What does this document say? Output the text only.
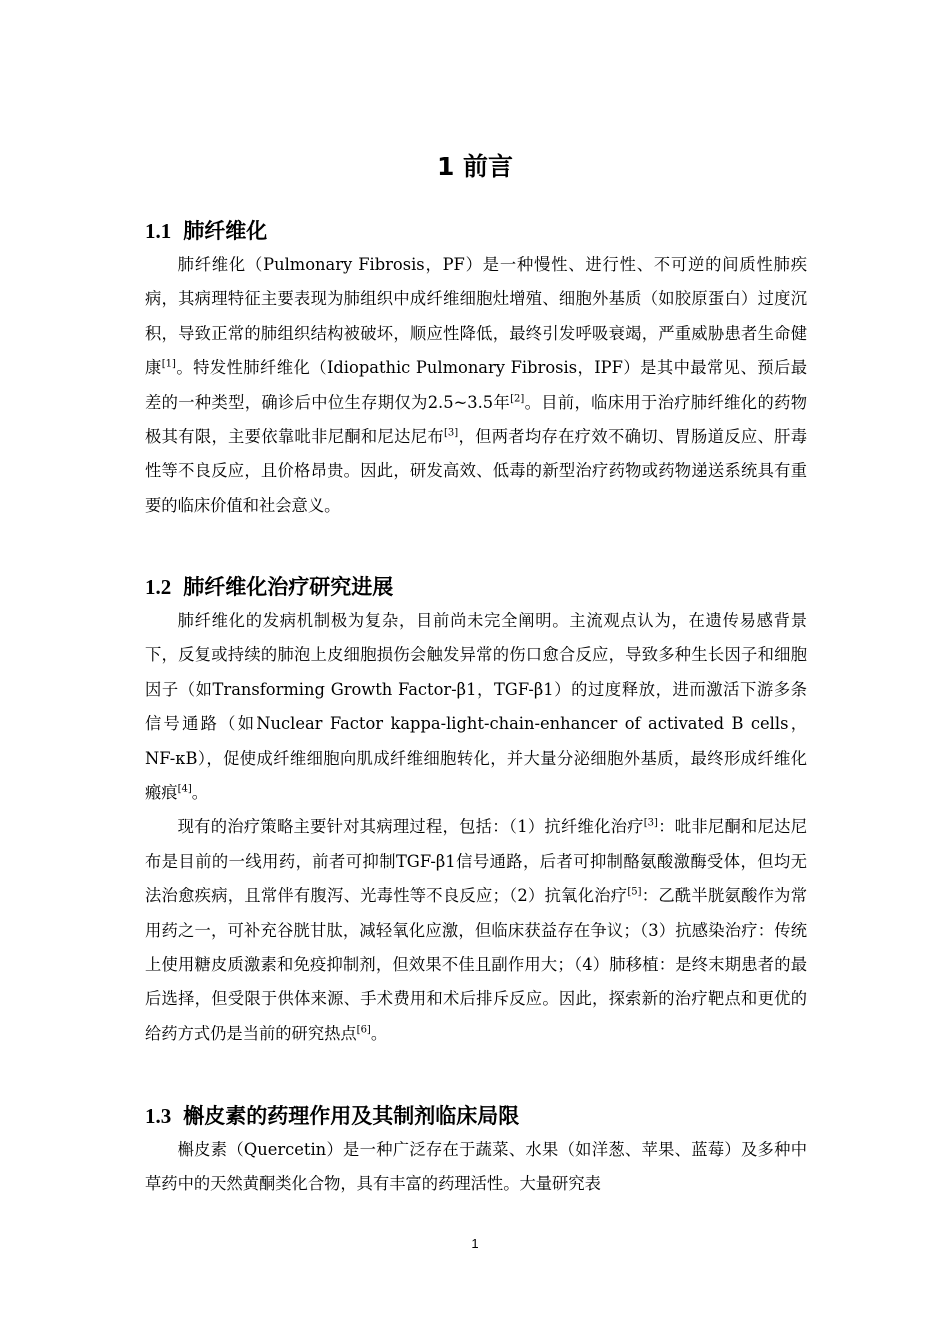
1 前言
1.1 肺纤维化

肺纤维化（Pulmonary Fibrosis，PF）是一种慢性、进行性、不可逆的间质性肺疾病，其病理特征主要表现为肺组织中成纤维细胞灶增殖、细胞外基质（如胶原蛋白）过度沉积，导致正常的肺组织结构被破坏，顺应性降低，最终引发呼吸衰竭，严重威胁患者生命健康[1]。特发性肺纤维化（Idiopathic Pulmonary Fibrosis，IPF）是其中最常见、预后最差的一种类型，确诊后中位生存期仅为2.5~3.5年[2]。目前，临床用于治疗肺纤维化的药物极其有限，主要依靠吡非尼酮和尼达尼布[3]，但两者均存在疗效不确切、胃肠道反应、肝毒性等不良反应，且价格昂贵。因此，研发高效、低毒的新型治疗药物或药物递送系统具有重要的临床价值和社会意义。

1.2 肺纤维化治疗研究进展

肺纤维化的发病机制极为复杂，目前尚未完全阐明。主流观点认为，在遗传易感背景下，反复或持续的肺泡上皮细胞损伤会触发异常的伤口愈合反应，导致多种生长因子和细胞因子（如Transforming Growth Factor-β1，TGF-β1）的过度释放，进而激活下游多条信号通路（如Nuclear Factor kappa-light-chain-enhancer of activated B cells，NF-κB），促使成纤维细胞向肌成纤维细胞转化，并大量分泌细胞外基质，最终形成纤维化瘢痕[4]。

现有的治疗策略主要针对其病理过程，包括：（1）抗纤维化治疗[3]：吡非尼酮和尼达尼布是目前的一线用药，前者可抑制TGF-β1信号通路，后者可抑制酪氨酸激酶受体，但均无法治愈疾病，且常伴有腹泻、光毒性等不良反应；（2）抗氧化治疗[5]：乙酰半胱氨酸作为常用药之一，可补充谷胱甘肽，减轻氧化应激，但临床获益存在争议；（3）抗感染治疗：传统上使用糖皮质激素和免疫抑制剂，但效果不佳且副作用大；（4）肺移植：是终末期患者的最后选择，但受限于供体来源、手术费用和术后排斥反应。因此，探索新的治疗靶点和更优的给药方式仍是当前的研究热点[6]。

1.3 槲皮素的药理作用及其制剂临床局限

槲皮素（Quercetin）是一种广泛存在于蔬菜、水果（如洋葱、苹果、蓝莓）及多种中草药中的天然黄酮类化合物，具有丰富的药理活性。大量研究表

1
